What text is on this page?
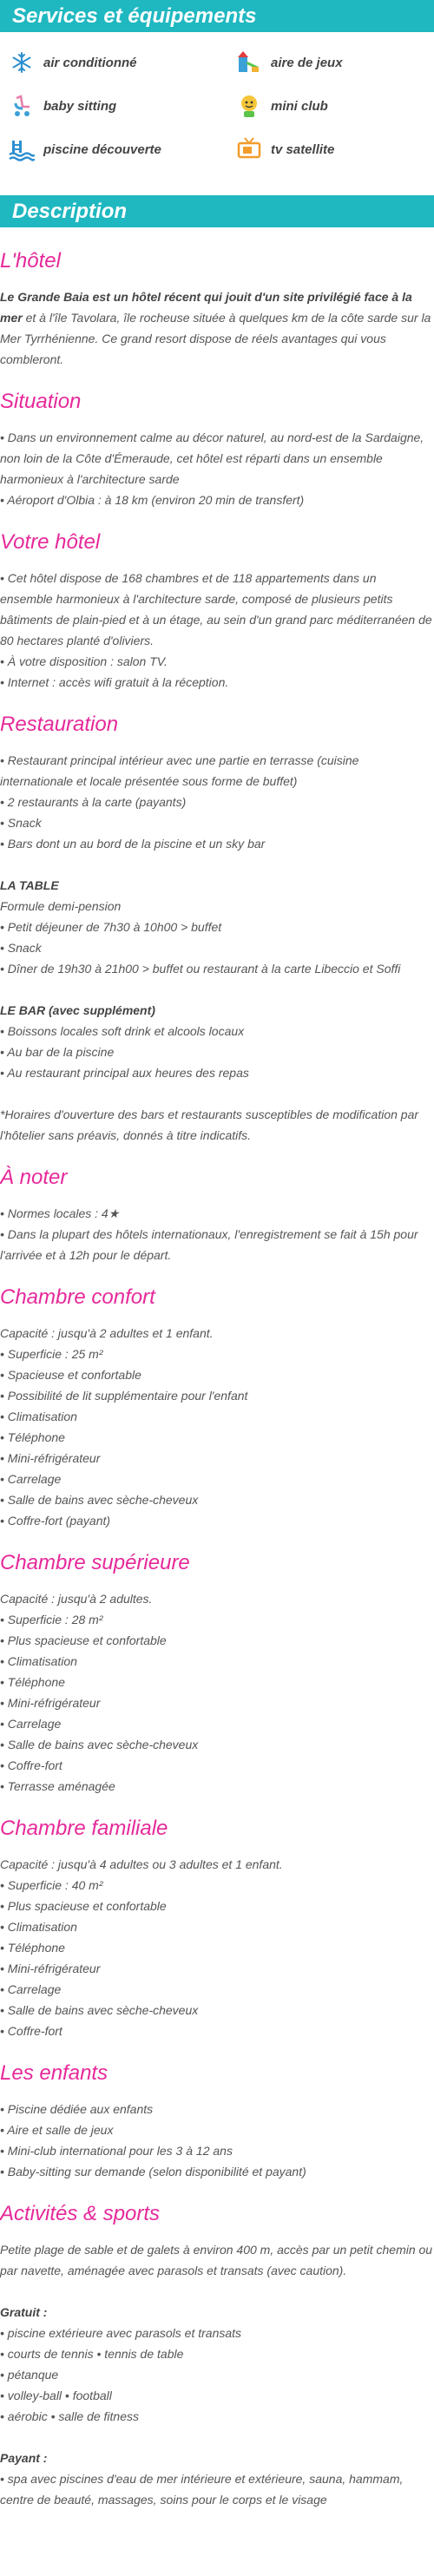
Services et équipements
air conditionné	aire de jeux
baby sitting	mini club
piscine découverte	tv satellite
Description
L'hôtel
Le Grande Baia est un hôtel récent qui jouit d'un site privilégié face à la
mer et à l'île Tavolara, île rocheuse située à quelques km de la côte sarde sur la
Mer Tyrrhénienne. Ce grand resort dispose de réels avantages qui vous
combleront.
Situation
• Dans un environnement calme au décor naturel, au nord-est de la Sardaigne,
non loin de la Côte d'Émeraude, cet hôtel est réparti dans un ensemble
harmonieux à l'architecture sarde
• Aéroport d'Olbia : à 18 km (environ 20 min de transfert)
Votre hôtel
• Cet hôtel dispose de 168 chambres et de 118 appartements dans un
ensemble harmonieux à l'architecture sarde, composé de plusieurs petits
bâtiments de plain-pied et à un étage, au sein d'un grand parc méditerranéen de
80 hectares planté d'oliviers.
• À votre disposition : salon TV.
• Internet : accès wifi gratuit à la réception.
Restauration
• Restaurant principal intérieur avec une partie en terrasse (cuisine
internationale et locale présentée sous forme de buffet)
• 2 restaurants à la carte (payants)
• Snack
• Bars dont un au bord de la piscine et un sky bar

LA TABLE
Formule demi-pension
• Petit déjeuner de 7h30 à 10h00 > buffet
• Snack
• Dîner de 19h30 à 21h00 > buffet ou restaurant à la carte Libeccio et Soffi

LE BAR (avec supplément)
• Boissons locales soft drink et alcools locaux
• Au bar de la piscine
• Au restaurant principal aux heures des repas

*Horaires d'ouverture des bars et restaurants susceptibles de modification par
l'hôtelier sans préavis, donnés à titre indicatifs.
À noter
• Normes locales : 4★
• Dans la plupart des hôtels internationaux, l'enregistrement se fait à 15h pour
l'arrivée et à 12h pour le départ.
Chambre confort
Capacité : jusqu'à 2 adultes et 1 enfant.
• Superficie : 25 m²
• Spacieuse et confortable
• Possibilité de lit supplémentaire pour l'enfant
• Climatisation
• Téléphone
• Mini-réfrigérateur
• Carrelage
• Salle de bains avec sèche-cheveux
• Coffre-fort (payant)
Chambre supérieure
Capacité : jusqu'à 2 adultes.
• Superficie : 28 m²
• Plus spacieuse et confortable
• Climatisation
• Téléphone
• Mini-réfrigérateur
• Carrelage
• Salle de bains avec sèche-cheveux
• Coffre-fort
• Terrasse aménagée
Chambre familiale
Capacité : jusqu'à 4 adultes ou 3 adultes et 1 enfant.
• Superficie : 40 m²
• Plus spacieuse et confortable
• Climatisation
• Téléphone
• Mini-réfrigérateur
• Carrelage
• Salle de bains avec sèche-cheveux
• Coffre-fort
Les enfants
• Piscine dédiée aux enfants
• Aire et salle de jeux
• Mini-club international pour les 3 à 12 ans
• Baby-sitting sur demande (selon disponibilité et payant)
Activités & sports
Petite plage de sable et de galets à environ 400 m, accès par un petit chemin ou
par navette, aménagée avec parasols et transats (avec caution).

Gratuit :
• piscine extérieure avec parasols et transats
• courts de tennis • tennis de table
• pétanque
• volley-ball • football
• aérobic • salle de fitness

Payant :
• spa avec piscines d'eau de mer intérieure et extérieure, sauna, hammam,
centre de beauté, massages, soins pour le corps et le visage
